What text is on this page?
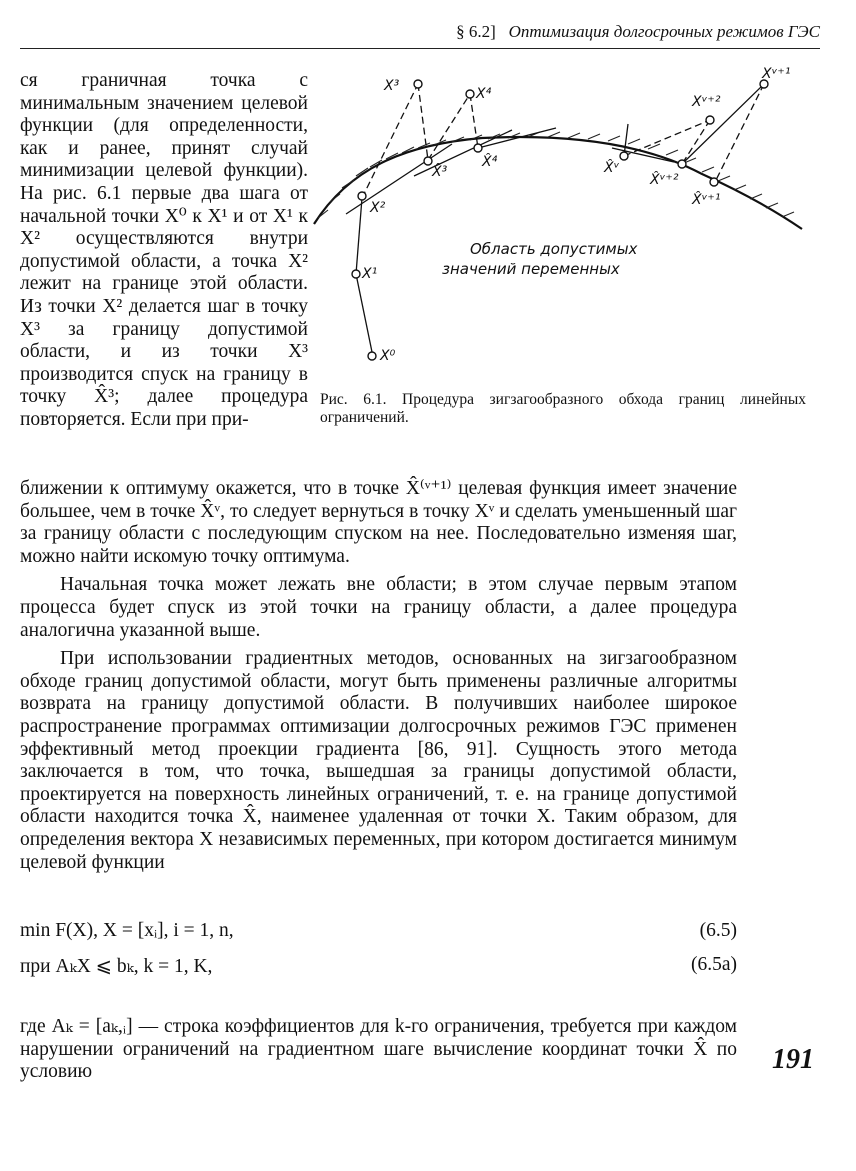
§ 6.2] Оптимизация долгосрочных режимов ГЭС

ся граничная точка с минимальным значением целевой функции (для определенности, как и ранее, принят случай минимизации целевой функции). На рис. 6.1 первые два шага от начальной точки X⁰ к X¹ и от X¹ к X² осуществляются внутри допустимой области, а точка X² лежит на границе этой области. Из точки X² делается шаг в точку X³ за границу допустимой области, и из точки X³ производится спуск на границу в точку X̂³; далее процедура повторяется. Если при при-

X⁰
X¹
X²
X³	X⁴
X̂³
X̂⁴	X̂ᵛ
X̂ᵛ⁺²
X̂ᵛ⁺¹
Xᵛ⁺²
Xᵛ⁺¹
Область допустимых
значений переменных
Рис. 6.1. Процедура зигзагообразного обхода границ линейных ограничений.

ближении к оптимуму окажется, что в точке X̂⁽ᵛ⁺¹⁾ целевая функция имеет значение большее, чем в точке X̂ᵛ, то следует вернуться в точку Xᵛ и сделать уменьшенный шаг за границу области с последующим спуском на нее. Последовательно изменяя шаг, можно найти искомую точку оптимума.

Начальная точка может лежать вне области; в этом случае первым этапом процесса будет спуск из этой точки на границу области, а далее процедура аналогична указанной выше.

При использовании градиентных методов, основанных на зигзагообразном обходе границ допустимой области, могут быть применены различные алгоритмы возврата на границу допустимой области. В получивших наиболее широкое распространение программах оптимизации долгосрочных режимов ГЭС применен эффективный метод проекции градиента [86, 91]. Сущность этого метода заключается в том, что точка, вышедшая за границы допустимой области, проектируется на поверхность линейных ограничений, т. е. на границе допустимой области находится точка X̂, наименее удаленная от точки X. Таким образом, для определения вектора X независимых переменных, при котором достигается минимум целевой функции

min F(X), X = [xᵢ], i = 1, n,	(6.5)
при AₖX ⩽ bₖ, k = 1, K,	(6.5а)
где Aₖ = [aₖ,ᵢ] — строка коэффициентов для k-го ограничения, требуется при каждом нарушении ограничений на градиентном шаге вычисление координат точки X̂ по условию	191
